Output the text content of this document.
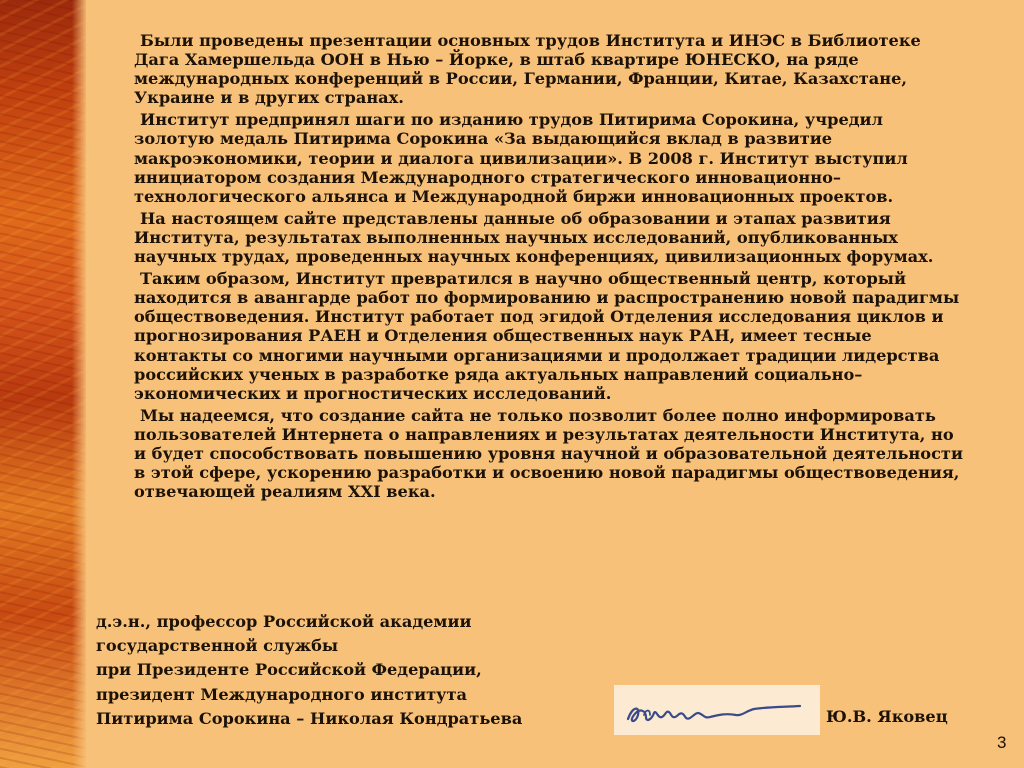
Были проведены презентации основных трудов Института и ИНЭС в Библиотеке Дага Хамершельда ООН в Нью – Йорке, в штаб квартире ЮНЕСКО, на ряде международных конференций в России, Германии, Франции, Китае, Казахстане, Украине и в других странах.

Институт предпринял шаги по изданию трудов Питирима Сорокина, учредил золотую медаль Питирима Сорокина «За выдающийся вклад в развитие макроэкономики, теории и диалога цивилизации». В 2008 г. Институт выступил инициатором создания Международного стратегического инновационно–технологического альянса и Международной биржи инновационных проектов.

На настоящем сайте представлены данные об образовании и этапах развития Института, результатах выполненных научных исследований, опубликованных научных трудах, проведенных научных конференциях, цивилизационных форумах.

Таким образом, Институт превратился в научно общественный центр, который находится в авангарде работ по формированию и распространению новой парадигмы обществоведения. Институт работает под эгидой Отделения исследования циклов и прогнозирования РАЕН и Отделения общественных наук РАН, имеет тесные контакты со многими научными организациями и продолжает традиции лидерства российских ученых в разработке ряда актуальных направлений социально–экономических и прогностических исследований.

Мы надеемся, что создание сайта не только позволит более полно информировать пользователей Интернета о направлениях и результатах деятельности Института, но и будет способствовать повышению уровня научной и образовательной деятельности в этой сфере, ускорению разработки и освоению новой парадигмы обществоведения, отвечающей реалиям XXI века.

д.э.н., профессор Российской академии
государственной службы
при Президенте Российской Федерации,
президент Международного института
Питирима Сорокина – Николая Кондратьева	Ю.В. Яковец
3
